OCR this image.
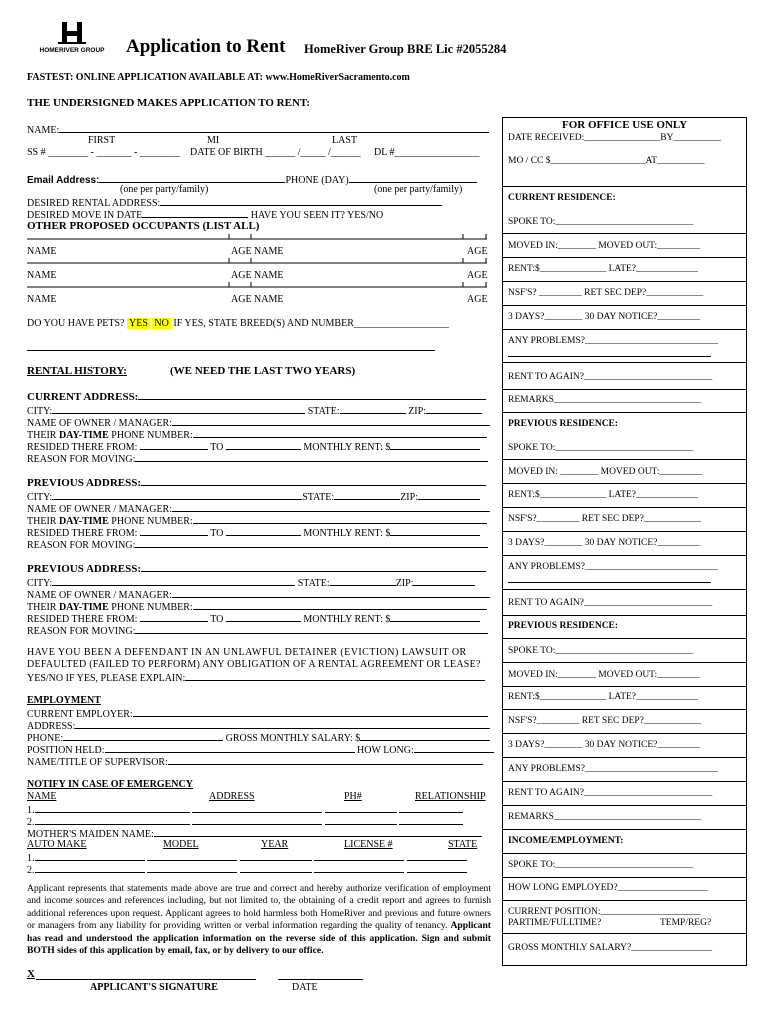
HOMERIVER GROUP Application to Rent HomeRiver Group BRE Lic #2055284
FASTEST: ONLINE APPLICATION AVAILABLE AT: www.HomeRiverSacramento.com
THE UNDERSIGNED MAKES APPLICATION TO RENT:
NAME:
FIRST	MI	LAST
SS # ________ - _______ - ________ DATE OF BIRTH ______ /_____ /______ DL #_________________
Email Address:	PHONE (DAY)
(one per party/family)	(one per party/family)
DESIRED RENTAL ADDRESS:
DESIRED MOVE IN DATE	HAVE YOU SEEN IT? YES/NO
OTHER PROPOSED OCCUPANTS (LIST ALL)
NAME	AGE NAME	AGE
NAME	AGE NAME	AGE
NAME	AGE NAME	AGE
DO YOU HAVE PETS? YES NO IF YES, STATE BREED(S) AND NUMBER___________________
RENTAL HISTORY:	(WE NEED THE LAST TWO YEARS)
CURRENT ADDRESS:
CITY:	STATE:	ZIP:
NAME OF OWNER / MANAGER:
THEIR DAY-TIME PHONE NUMBER:
RESIDED THERE FROM:	TO	MONTHLY RENT: $
REASON FOR MOVING:
PREVIOUS ADDRESS:
CITY:	STATE:	ZIP:
NAME OF OWNER / MANAGER:
THEIR DAY-TIME PHONE NUMBER:
RESIDED THERE FROM:	TO	MONTHLY RENT: $
REASON FOR MOVING:
PREVIOUS ADDRESS:
CITY:	STATE:	ZIP:
NAME OF OWNER / MANAGER:
THEIR DAY-TIME PHONE NUMBER:
RESIDED THERE FROM:	TO	MONTHLY RENT: $
REASON FOR MOVING:
HAVE YOU BEEN A DEFENDANT IN AN UNLAWFUL DETAINER (EVICTION) LAWSUIT OR
DEFAULTED (FAILED TO PERFORM) ANY OBLIGATION OF A RENTAL AGREEMENT OR LEASE?
YES/NO IF YES, PLEASE EXPLAIN:
EMPLOYMENT
CURRENT EMPLOYER:
ADDRESS:
PHONE:	GROSS MONTHLY SALARY: $
POSITION HELD:	HOW LONG:
NAME/TITLE OF SUPERVISOR:
NOTIFY IN CASE OF EMERGENCY
NAME	ADDRESS	PH#	RELATIONSHIP
1.
2.
MOTHER'S MAIDEN NAME:
AUTO MAKE	MODEL	YEAR	LICENSE #	STATE
1.
2.
Applicant represents that statements made above are true and correct and hereby authorize verification of employment and income sources and references including, but not limited to, the obtaining of a credit report and agrees to furnish additional references upon request. Applicant agrees to hold harmless both HomeRiver and previous and future owners or managers from any liability for providing written or verbal information regarding the quality of tenancy. Applicant has read and understood the application information on the reverse side of this application. Sign and submit BOTH sides of this application by email, fax, or by delivery to our office.
X
APPLICANT'S SIGNATURE	DATE
FOR OFFICE USE ONLY
DATE RECEIVED:________________BY__________
MO / CC $____________________AT__________
CURRENT RESIDENCE:
SPOKE TO:_____________________________
MOVED IN:________ MOVED OUT:_________
RENT:$______________ LATE?_____________
NSF'S? _________ RET SEC DEP?____________
3 DAYS?________ 30 DAY NOTICE?_________
ANY PROBLEMS?____________________________
RENT TO AGAIN?___________________________
REMARKS_______________________________
PREVIOUS RESIDENCE:
SPOKE TO:_____________________________
MOVED IN: ________ MOVED OUT:_________
RENT:$______________ LATE?_____________
NSF'S?_________ RET SEC DEP?____________
3 DAYS?________ 30 DAY NOTICE?_________
ANY PROBLEMS?____________________________
RENT TO AGAIN?___________________________
PREVIOUS RESIDENCE:
SPOKE TO:_____________________________
MOVED IN:________ MOVED OUT:_________
RENT:$______________ LATE?_____________
NSF'S?_________ RET SEC DEP?____________
3 DAYS?________ 30 DAY NOTICE?_________
ANY PROBLEMS?____________________________
RENT TO AGAIN?___________________________
REMARKS_______________________________
INCOME/EMPLOYMENT:
SPOKE TO:_____________________________
HOW LONG EMPLOYED?___________________
CURRENT POSITION:_____________________
PARTIME/FULLTIME?	TEMP/REG?
GROSS MONTHLY SALARY?_________________
